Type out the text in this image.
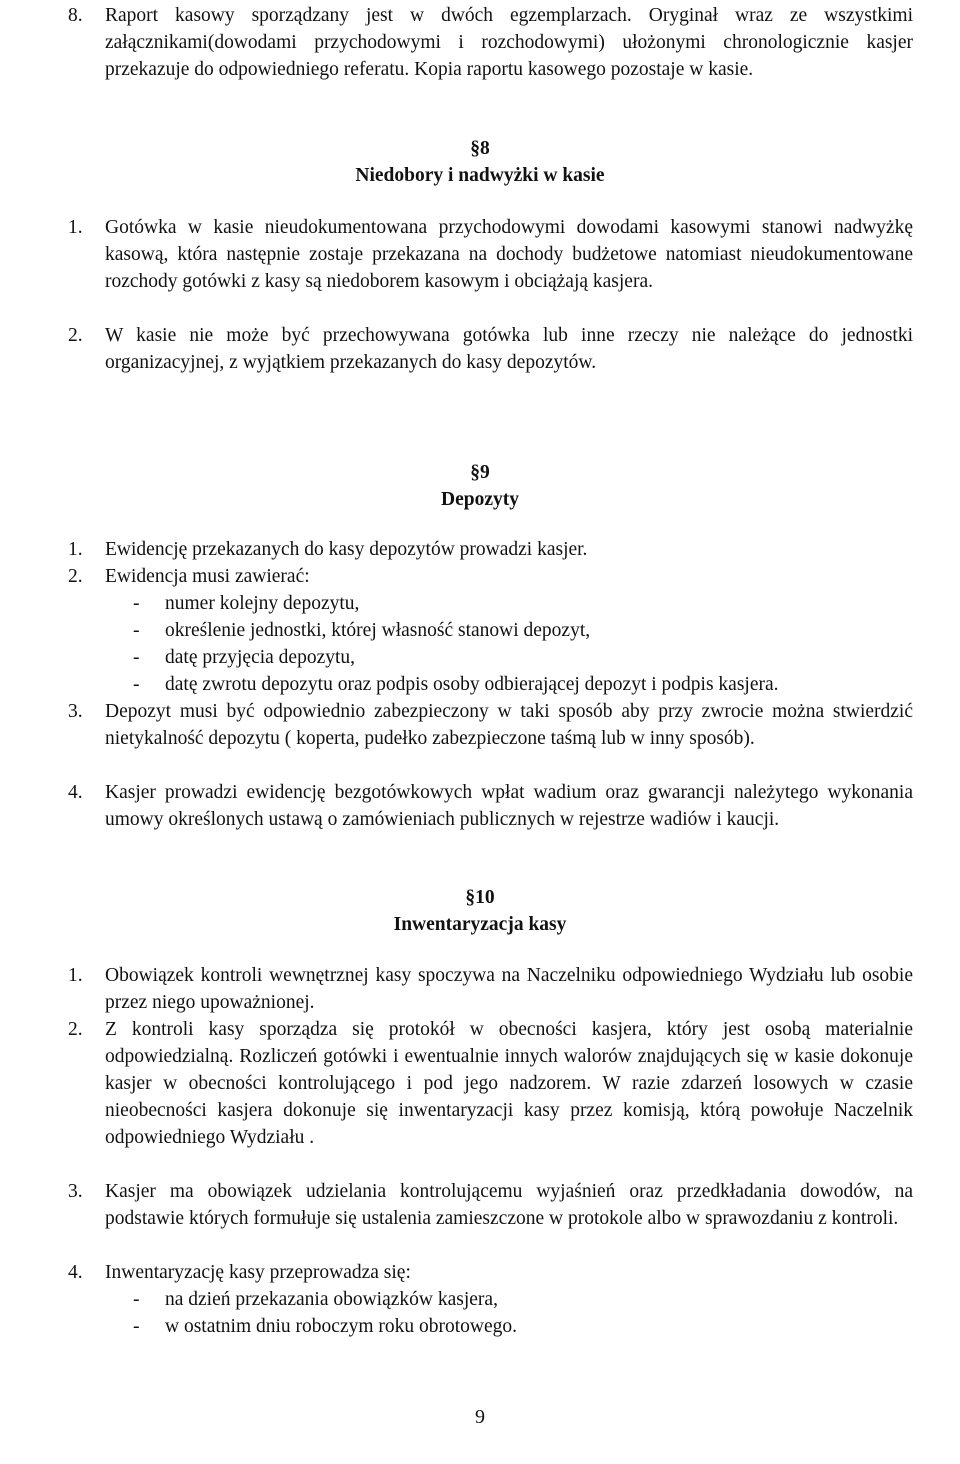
8.	Raport kasowy sporządzany jest w dwóch egzemplarzach. Oryginał wraz ze wszystkimi załącznikami(dowodami przychodowymi i rozchodowymi) ułożonymi chronologicznie kasjer przekazuje do odpowiedniego referatu. Kopia raportu kasowego pozostaje w kasie.
§8
Niedobory i nadwyżki w kasie
1.	Gotówka w kasie nieudokumentowana przychodowymi dowodami kasowymi stanowi nadwyżkę kasową, która następnie zostaje przekazana na dochody budżetowe natomiast nieudokumentowane rozchody gotówki z kasy są niedoborem kasowym i obciążają kasjera.
2.	W kasie nie może być przechowywana gotówka lub inne rzeczy nie należące do jednostki organizacyjnej, z wyjątkiem przekazanych do kasy depozytów.
§9
Depozyty
1.	Ewidencję przekazanych do kasy depozytów prowadzi kasjer.
2.	Ewidencja musi zawierać:
- numer kolejny depozytu,
- określenie jednostki, której własność stanowi depozyt,
- datę przyjęcia depozytu,
- datę zwrotu depozytu oraz podpis osoby odbierającej depozyt i podpis kasjera.
3.	Depozyt musi być odpowiednio zabezpieczony w taki sposób aby przy zwrocie można stwierdzić nietykalność depozytu ( koperta, pudełko zabezpieczone taśmą lub w inny sposób).
4.	Kasjer prowadzi ewidencję bezgotówkowych wpłat wadium oraz gwarancji należytego wykonania umowy określonych ustawą o zamówieniach publicznych w rejestrze wadiów i kaucji.
§10
Inwentaryzacja kasy
1.	Obowiązek kontroli wewnętrznej kasy spoczywa na Naczelniku odpowiedniego Wydziału lub osobie przez niego upoważnionej.
2.	Z kontroli kasy sporządza się protokół w obecności kasjera, który jest osobą materialnie odpowiedzialną. Rozliczeń gotówki i ewentualnie innych walorów znajdujących się w kasie dokonuje kasjer w obecności kontrolującego i pod jego nadzorem. W razie zdarzeń losowych w czasie nieobecności kasjera dokonuje się inwentaryzacji kasy przez komisją, którą powołuje Naczelnik odpowiedniego Wydziału .
3.	Kasjer ma obowiązek udzielania kontrolującemu wyjaśnień oraz przedkładania dowodów, na podstawie których formułuje się ustalenia zamieszczone w protokole albo w sprawozdaniu z kontroli.
4.	Inwentaryzację kasy przeprowadza się:
- na dzień przekazania obowiązków kasjera,
- w ostatnim dniu roboczym roku obrotowego.
9
